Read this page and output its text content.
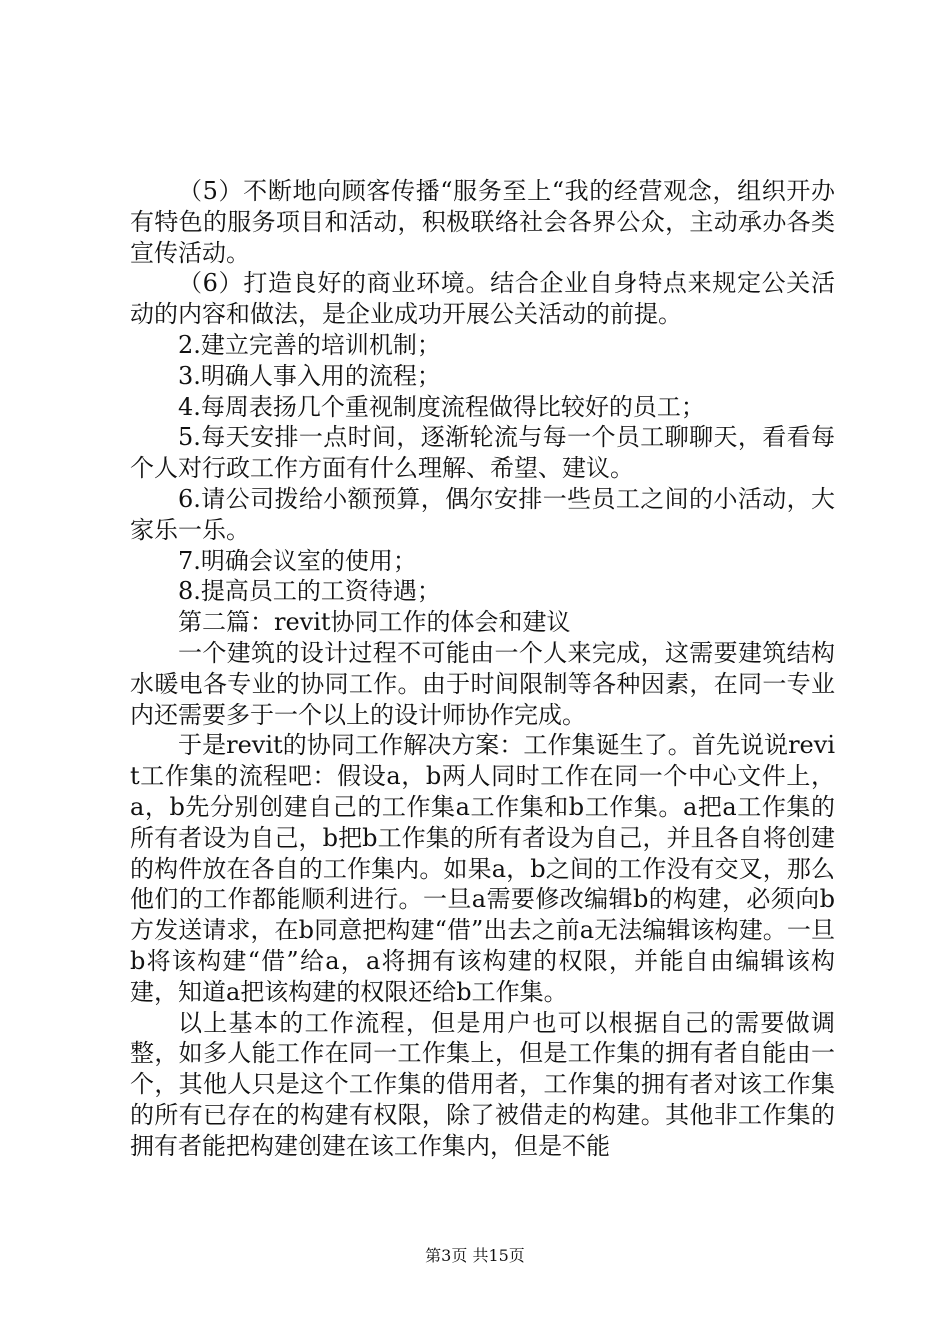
（5）不断地向顾客传播“服务至上“我的经营观念，组织开办有特色的服务项目和活动，积极联络社会各界公众，主动承办各类宣传活动。

（6）打造良好的商业环境。结合企业自身特点来规定公关活动的内容和做法，是企业成功开展公关活动的前提。

2.建立完善的培训机制；

3.明确人事入用的流程；

4.每周表扬几个重视制度流程做得比较好的员工；

5.每天安排一点时间，逐渐轮流与每一个员工聊聊天，看看每个人对行政工作方面有什么理解、希望、建议。

6.请公司拨给小额预算，偶尔安排一些员工之间的小活动，大家乐一乐。

7.明确会议室的使用；

8.提高员工的工资待遇；

第二篇：revit协同工作的体会和建议

一个建筑的设计过程不可能由一个人来完成，这需要建筑结构水暖电各专业的协同工作。由于时间限制等各种因素，在同一专业内还需要多于一个以上的设计师协作完成。

于是revit的协同工作解决方案：工作集诞生了。首先说说revit工作集的流程吧：假设a，b两人同时工作在同一个中心文件上，a，b先分别创建自己的工作集a工作集和b工作集。a把a工作集的所有者设为自己，b把b工作集的所有者设为自己，并且各自将创建的构件放在各自的工作集内。如果a，b之间的工作没有交叉，那么他们的工作都能顺利进行。一旦a需要修改编辑b的构建，必须向b方发送请求，在b同意把构建“借”出去之前a无法编辑该构建。一旦b将该构建“借”给a，a将拥有该构建的权限，并能自由编辑该构建，知道a把该构建的权限还给b工作集。

以上基本的工作流程，但是用户也可以根据自己的需要做调整，如多人能工作在同一工作集上，但是工作集的拥有者自能由一个，其他人只是这个工作集的借用者，工作集的拥有者对该工作集的所有已存在的构建有权限，除了被借走的构建。其他非工作集的拥有者能把构建创建在该工作集内，但是不能

第3页 共15页
